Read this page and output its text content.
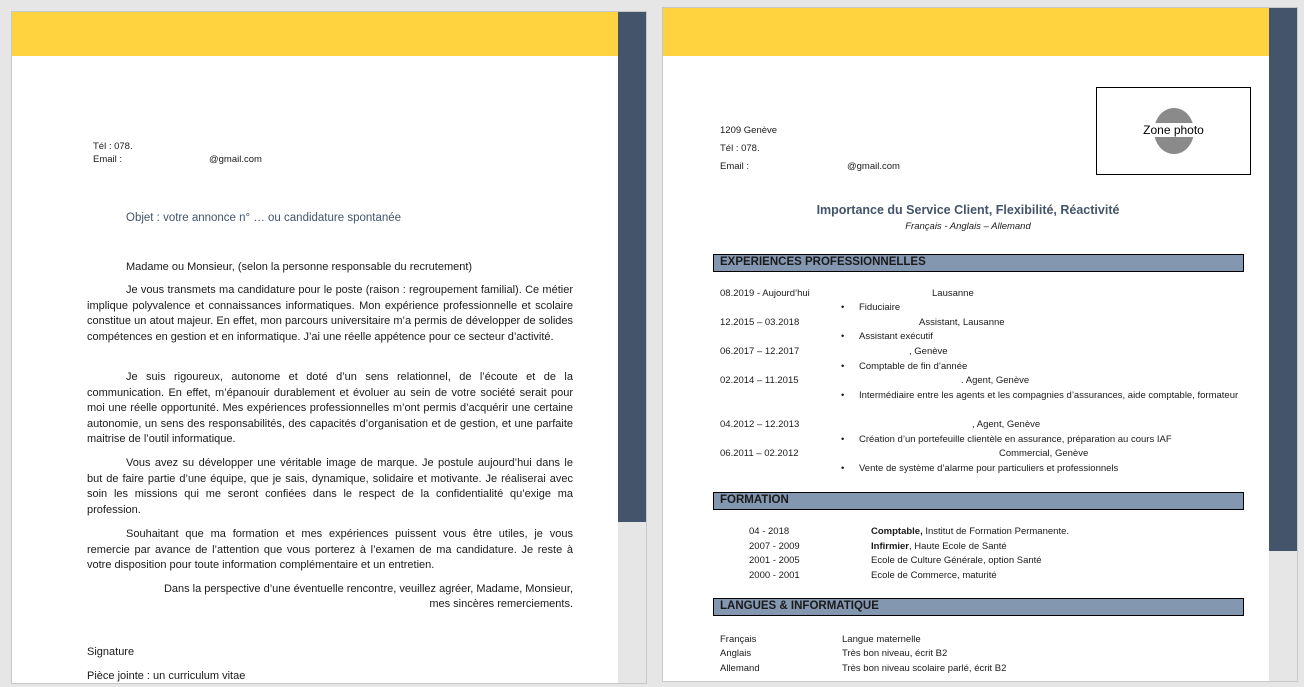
Tél : 078.
Email :	@gmail.com
Objet : votre annonce n° … ou candidature spontanée
Madame ou Monsieur, (selon la personne responsable du recrutement)
Je vous transmets ma candidature pour le poste (raison : regroupement familial). Ce métier implique polyvalence et connaissances informatiques. Mon expérience professionnelle et scolaire constitue un atout majeur. En effet, mon parcours universitaire m’a permis de développer de solides compétences en gestion et en informatique. J’ai une réelle appétence pour ce secteur d’activité.
Je suis rigoureux, autonome et doté d’un sens relationnel, de l’écoute et de la communication. En effet, m’épanouir durablement et évoluer au sein de votre société serait pour moi une réelle opportunité. Mes expériences professionnelles m’ont permis d’acquérir une certaine autonomie, un sens des responsabilités, des capacités d’organisation et de gestion, et une parfaite maitrise de l’outil informatique.
Vous avez su développer une véritable image de marque. Je postule aujourd’hui dans le but de faire partie d’une équipe, que je sais, dynamique, solidaire et motivante. Je réaliserai avec soin les missions qui me seront confiées dans le respect de la confidentialité qu’exige ma profession.
Souhaitant que ma formation et mes expériences puissent vous être utiles, je vous remercie par avance de l’attention que vous porterez à l’examen de ma candidature. Je reste à votre disposition pour toute information complémentaire et un entretien.
Dans la perspective d’une éventuelle rencontre, veuillez agréer, Madame, Monsieur,
mes sincères remerciements.
Signature
Pièce jointe : un curriculum vitae
1209 Genève
Tél : 078.
Email :	@gmail.com
Zone photo
Importance du Service Client, Flexibilité, Réactivité
Français - Anglais – Allemand
EXPERIENCES PROFESSIONNELLES
08.2019 - Aujourd’hui	Lausanne
• Fiduciaire
12.2015 – 03.2018	Assistant, Lausanne
• Assistant exécutif
06.2017 – 12.2017	, Genève
• Comptable de fin d’année
02.2014 – 11.2015	. Agent, Genève
• Intermédiaire entre les agents et les compagnies d’assurances, aide comptable, formateur
04.2012 – 12.2013	, Agent, Genève
• Création d’un portefeuille clientèle en assurance, préparation au cours IAF
06.2011 – 02.2012	Commercial, Genève
• Vente de système d’alarme pour particuliers et professionnels
FORMATION
04 - 2018	Comptable, Institut de Formation Permanente.
2007 - 2009	Infirmier, Haute Ecole de Santé
2001 - 2005	Ecole de Culture Générale, option Santé
2000 - 2001	Ecole de Commerce, maturité
LANGUES & INFORMATIQUE
Français	Langue maternelle
Anglais	Très bon niveau, écrit B2
Allemand	Très bon niveau scolaire parlé, écrit B2
